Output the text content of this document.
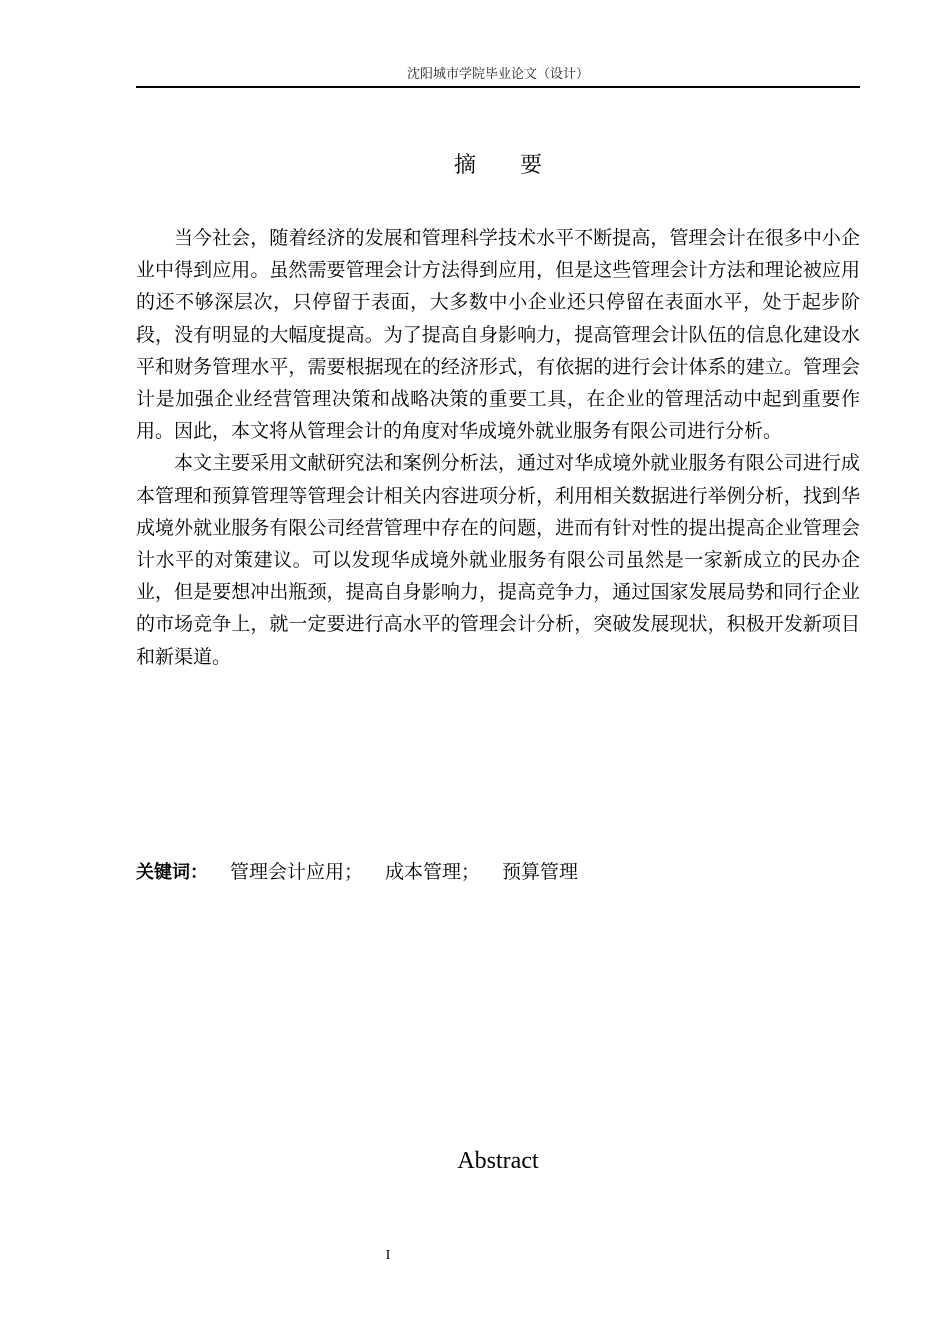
沈阳城市学院毕业论文（设计）
摘　　要

当今社会，随着经济的发展和管理科学技术水平不断提高，管理会计在很多中小企业中得到应用。虽然需要管理会计方法得到应用，但是这些管理会计方法和理论被应用的还不够深层次，只停留于表面，大多数中小企业还只停留在表面水平，处于起步阶段，没有明显的大幅度提高。为了提高自身影响力，提高管理会计队伍的信息化建设水平和财务管理水平，需要根据现在的经济形式，有依据的进行会计体系的建立。管理会计是加强企业经营管理决策和战略决策的重要工具，在企业的管理活动中起到重要作用。因此，本文将从管理会计的角度对华成境外就业服务有限公司进行分析。

本文主要采用文献研究法和案例分析法，通过对华成境外就业服务有限公司进行成本管理和预算管理等管理会计相关内容进项分析，利用相关数据进行举例分析，找到华成境外就业服务有限公司经营管理中存在的问题，进而有针对性的提出提高企业管理会计水平的对策建议。可以发现华成境外就业服务有限公司虽然是一家新成立的民办企业，但是要想冲出瓶颈，提高自身影响力，提高竞争力，通过国家发展局势和同行企业的市场竞争上，就一定要进行高水平的管理会计分析，突破发展现状，积极开发新项目和新渠道。

关键词： 管理会计应用； 成本管理； 预算管理
Abstract
I
